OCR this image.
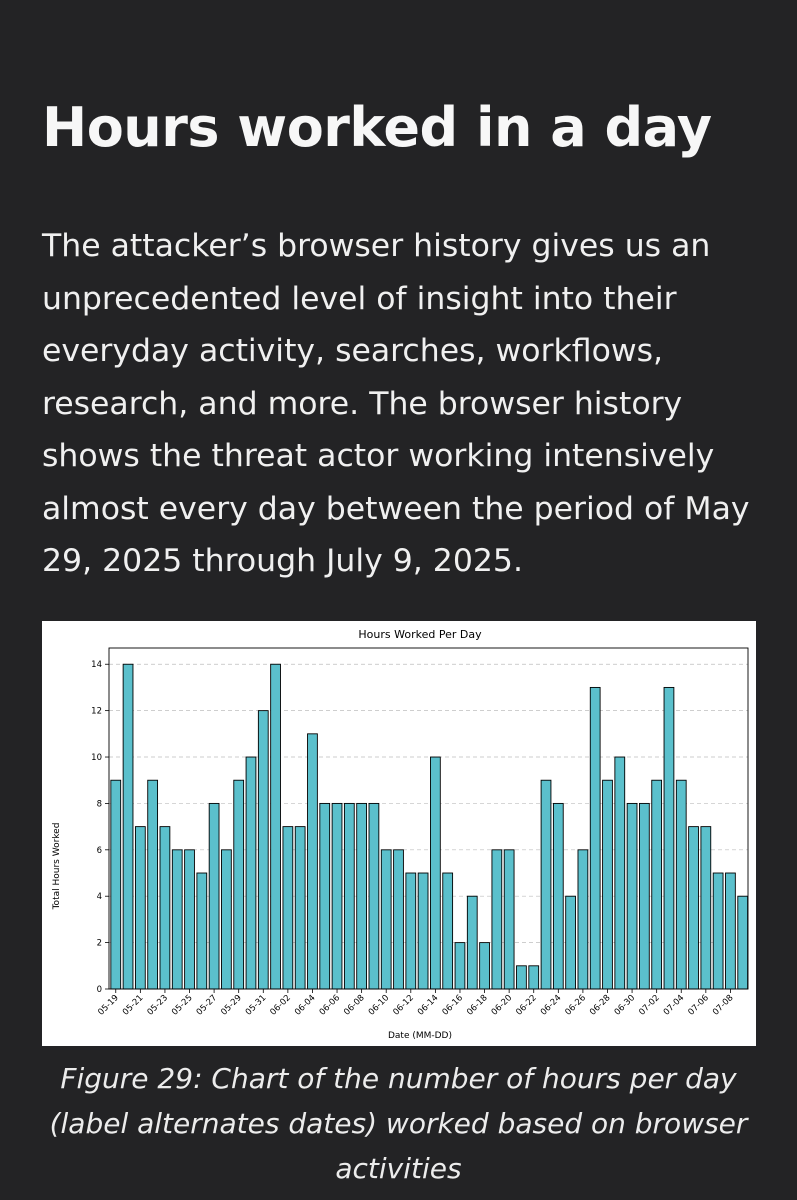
Hours worked in a day

The attacker’s browser history gives us an unprecedented level of insight into their everyday activity, searches, workflows, research, and more. The browser history shows the threat actor working intensively almost every day between the period of May 29, 2025 through July 9, 2025.

Hours Worked Per Day
0
2
4
6
8
10
12
14
05-19 05-21 05-23 05-25 05-27 05-29 05-31 06-02 06-04 06-06 06-08 06-10 06-12 06-14 06-16 06-18 06-20 06-22 06-24 06-26 06-28 06-30 07-02 07-04 07-06 07-08
Date (MM-DD)
Total Hours Worked

Figure 29: Chart of the number of hours per day (label alternates dates) worked based on browser activities
